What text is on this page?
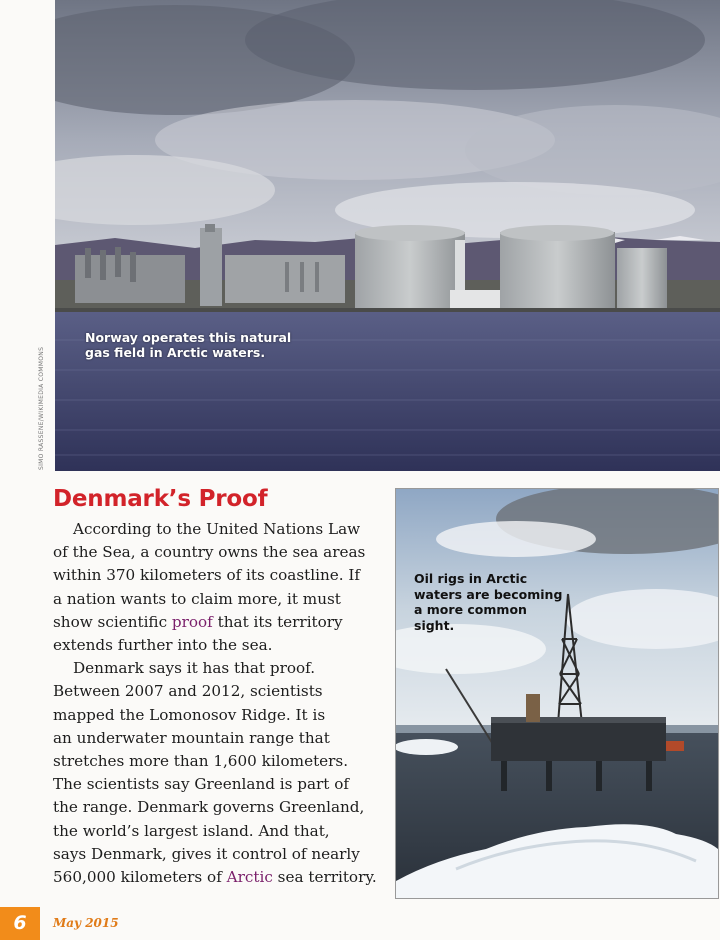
SIMO RASSENE/WIKIMEDIA COMMONS
Norway operates this natural gas field in Arctic waters.
Denmark’s Proof
According to the United Nations Law
of the Sea, a country owns the sea areas
within 370 kilometers of its coastline. If
a nation wants to claim more, it must
show scientific proof that its territory
extends further into the sea.
Denmark says it has that proof.
Between 2007 and 2012, scientists
mapped the Lomonosov Ridge. It is
an underwater mountain range that
stretches more than 1,600 kilometers.
The scientists say Greenland is part of
the range. Denmark governs Greenland,
the world’s largest island. And that,
says Denmark, gives it control of nearly
560,000 kilometers of Arctic sea territory.
Oil rigs in Arctic waters are becoming a more common sight.
6	May 2015
